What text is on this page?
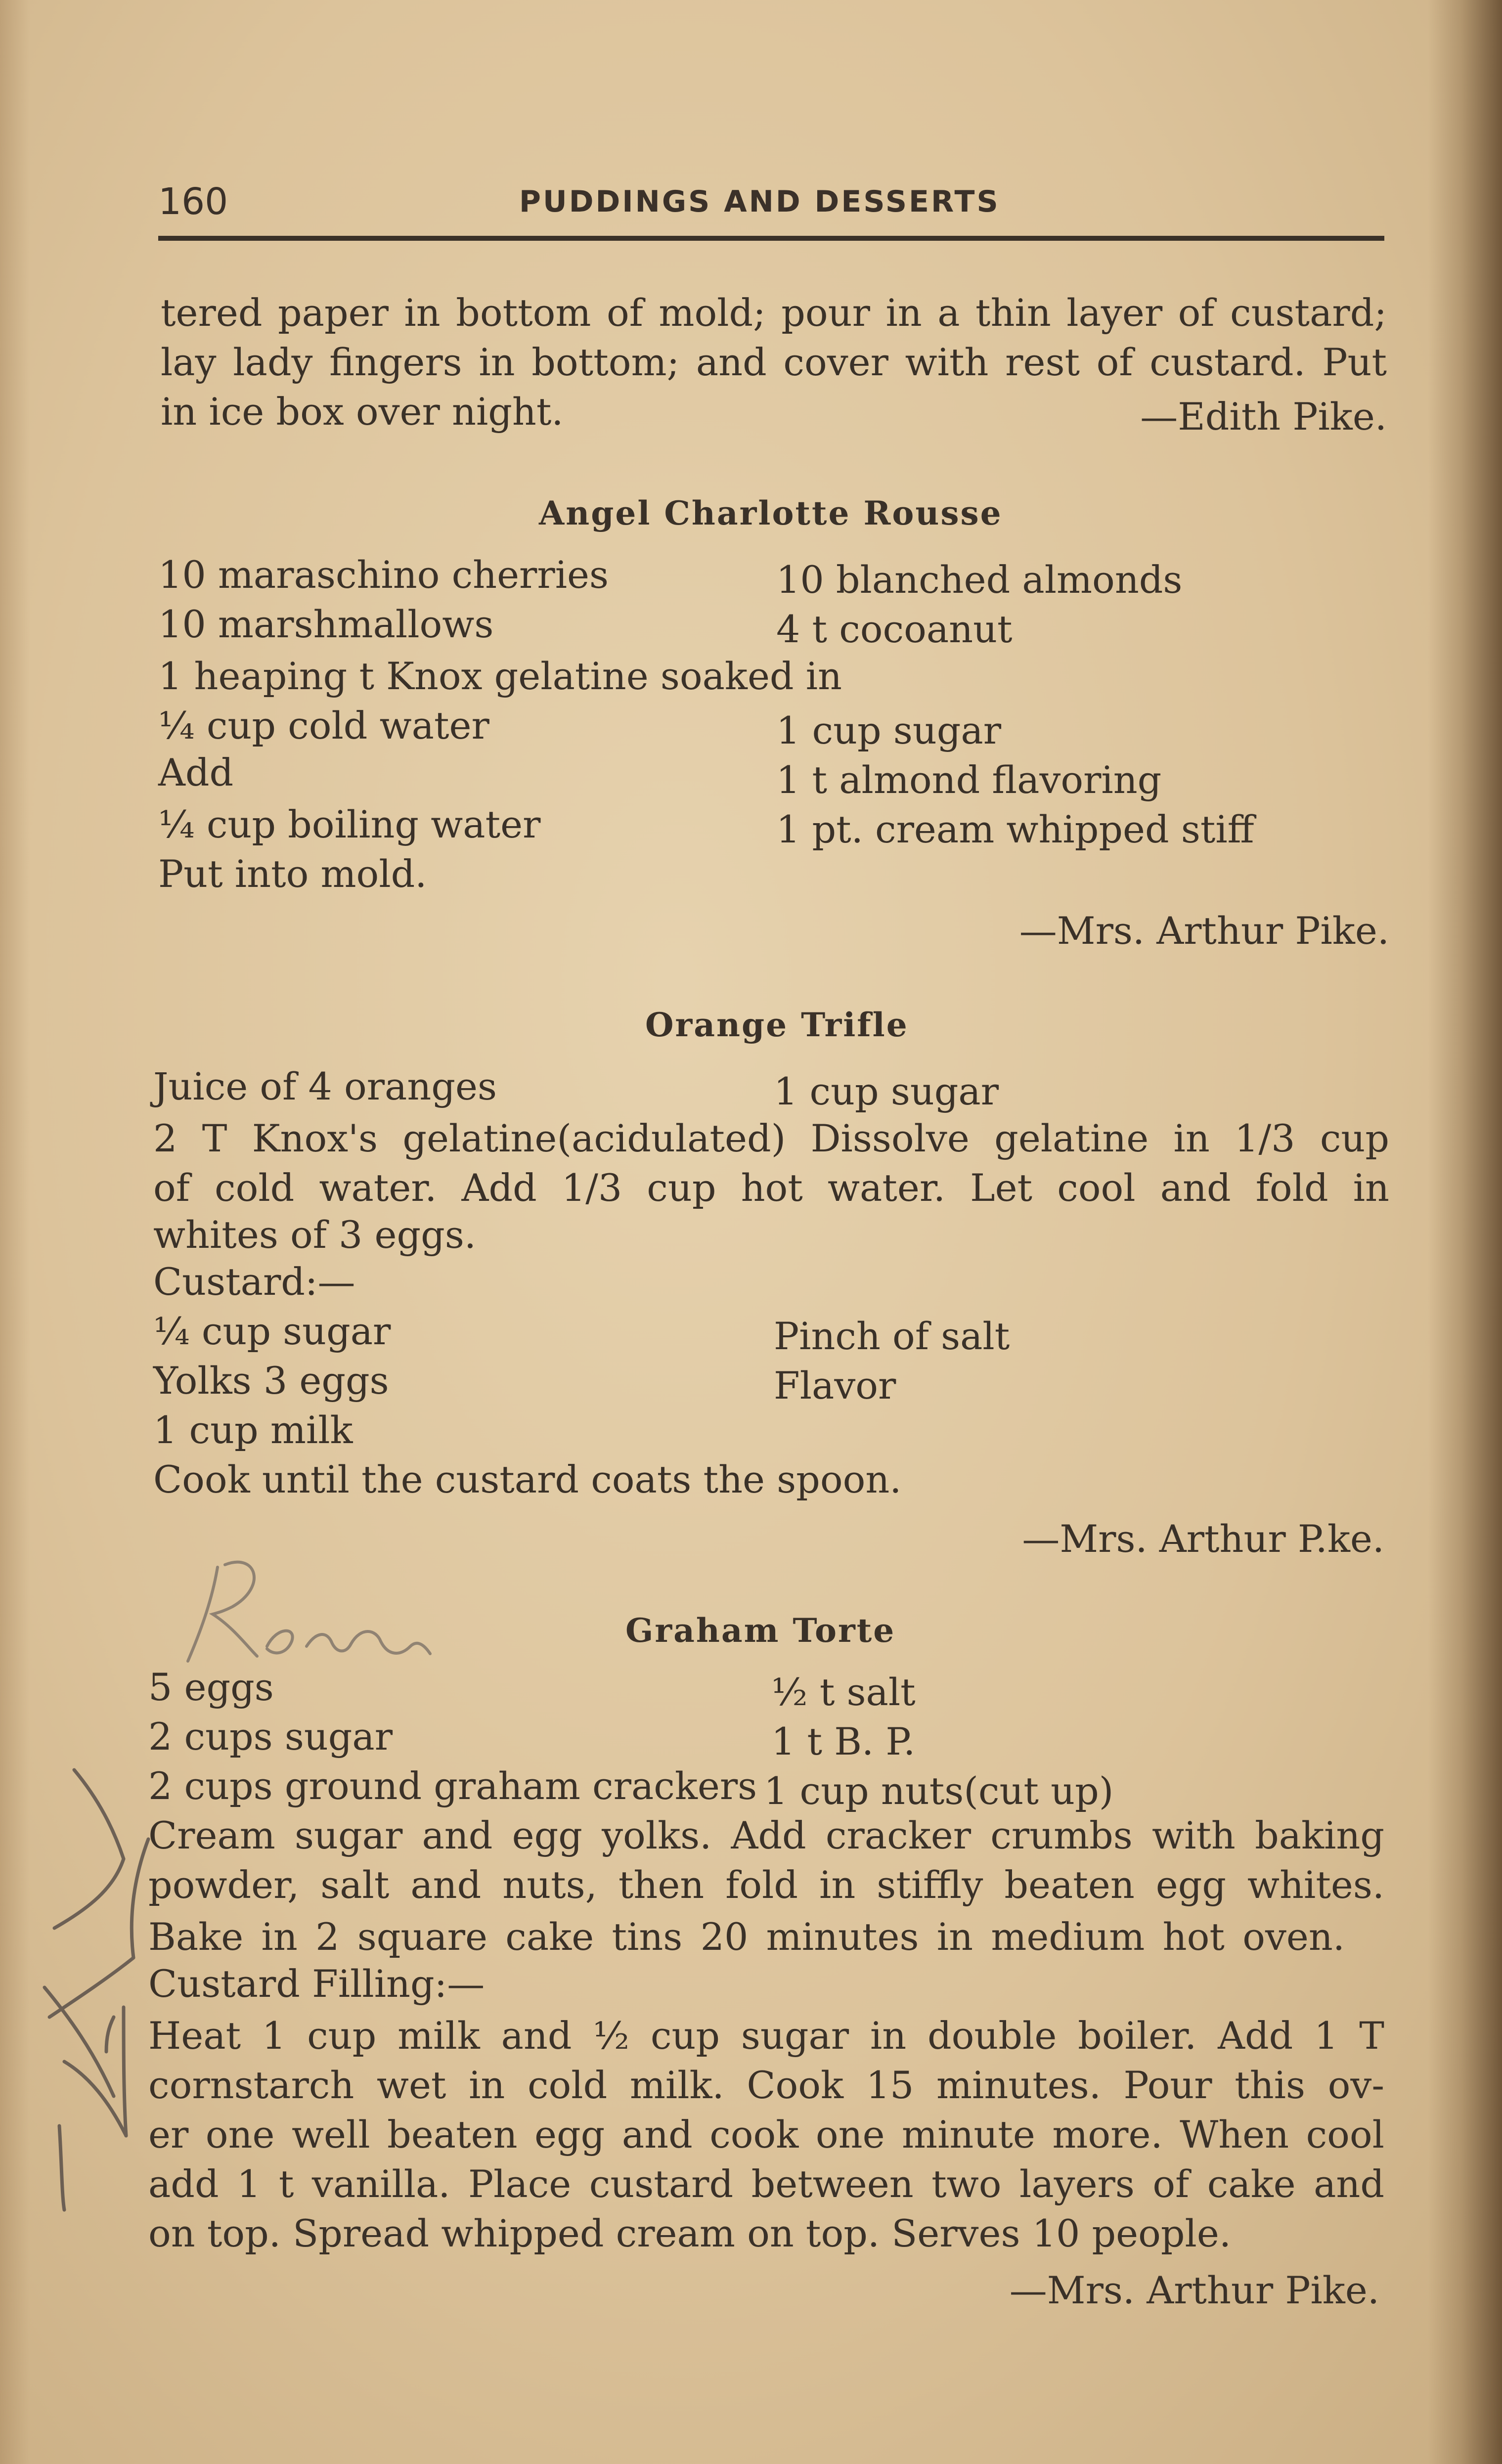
160	PUDDINGS AND DESSERTS
tered paper in bottom of mold; pour in a thin layer of custard;
lay lady fingers in bottom; and cover with rest of custard. Put
in ice box over night.	—Edith Pike.
Angel Charlotte Rousse
10 maraschino cherries	10 blanched almonds
10 marshmallows	4 t cocoanut
1 heaping t Knox gelatine soaked in
¼ cup cold water	1 cup sugar
Add	1 t almond flavoring
¼ cup boiling water	1 pt. cream whipped stiff
Put into mold.
—Mrs. Arthur Pike.
Orange Trifle
Juice of 4 oranges	1 cup sugar
2 T Knox's gelatine(acidulated) Dissolve gelatine in 1/3 cup
of cold water. Add 1/3 cup hot water. Let cool and fold in
whites of 3 eggs.
Custard:—
¼ cup sugar	Pinch of salt
Yolks 3 eggs	Flavor
1 cup milk
Cook until the custard coats the spoon.
—Mrs. Arthur P.ke.
Graham Torte
5 eggs	½ t salt
2 cups sugar	1 t B. P.
2 cups ground graham crackers 1 cup nuts(cut up)
Cream sugar and egg yolks. Add cracker crumbs with baking
powder, salt and nuts, then fold in stiffly beaten egg whites.
Bake in 2 square cake tins 20 minutes in medium hot oven.
Custard Filling:—
Heat 1 cup milk and ½ cup sugar in double boiler. Add 1 T
cornstarch wet in cold milk. Cook 15 minutes. Pour this ov-
er one well beaten egg and cook one minute more. When cool
add 1 t vanilla. Place custard between two layers of cake and
on top. Spread whipped cream on top. Serves 10 people.
—Mrs. Arthur Pike.
